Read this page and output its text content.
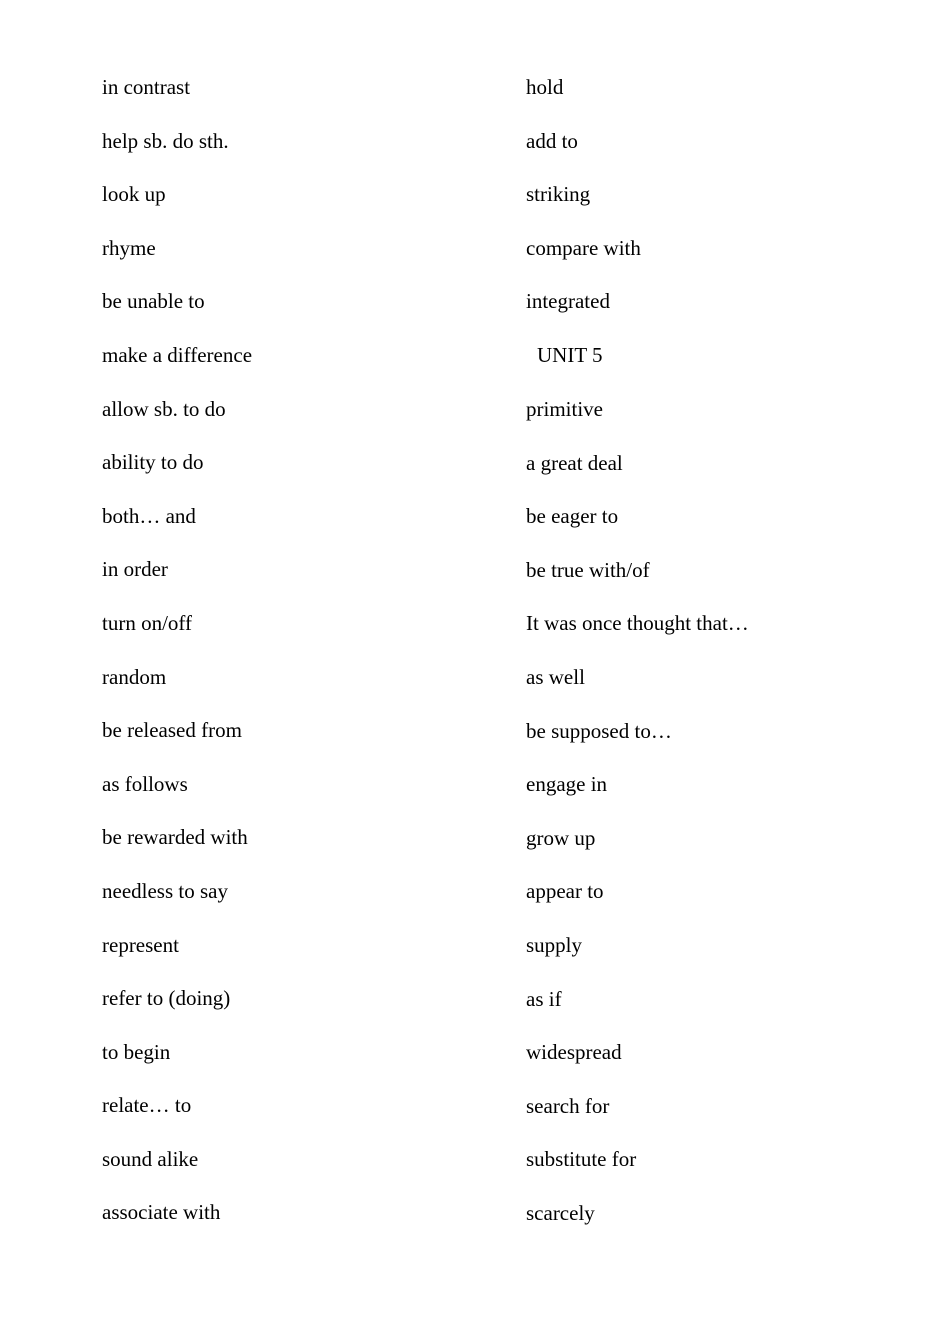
in contrast
help sb. do sth.
look up
rhyme
be unable to
make a difference
allow sb. to do
ability to do
both… and
in order
turn on/off
random
be released from
as follows
be rewarded with
needless to say
represent
refer to (doing)
to begin
relate… to
sound alike
associate with
hold
add to
striking
compare with
integrated
UNIT 5
primitive
a great deal
be eager to
be true with/of
It was once thought that…
as well
be supposed to…
engage in
grow up
appear to
supply
as if
widespread
search for
substitute for
scarcely
